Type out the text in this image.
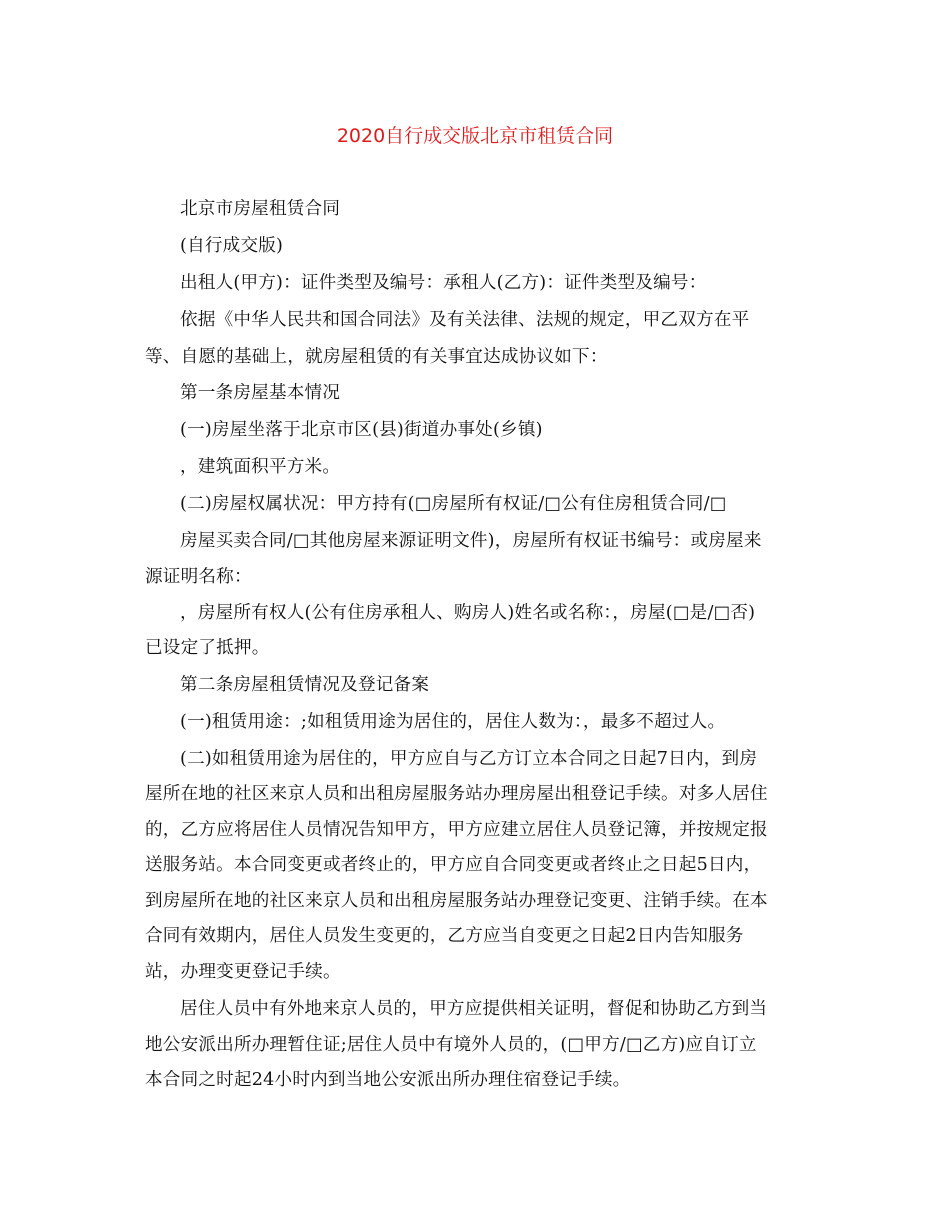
2020自行成交版北京市租赁合同
北京市房屋租赁合同
(自行成交版)
出租人(甲方)：证件类型及编号：承租人(乙方)：证件类型及编号：
依据《中华人民共和国合同法》及有关法律、法规的规定，甲乙双方在平
等、自愿的基础上，就房屋租赁的有关事宜达成协议如下：
第一条房屋基本情况
(一)房屋坐落于北京市区(县)街道办事处(乡镇)
，建筑面积平方米。
(二)房屋权属状况：甲方持有(□房屋所有权证/□公有住房租赁合同/□
房屋买卖合同/□其他房屋来源证明文件)，房屋所有权证书编号：或房屋来
源证明名称：
，房屋所有权人(公有住房承租人、购房人)姓名或名称：，房屋(□是/□否)
已设定了抵押。
第二条房屋租赁情况及登记备案
(一)租赁用途：;如租赁用途为居住的，居住人数为：，最多不超过人。
(二)如租赁用途为居住的，甲方应自与乙方订立本合同之日起7日内，到房
屋所在地的社区来京人员和出租房屋服务站办理房屋出租登记手续。对多人居住
的，乙方应将居住人员情况告知甲方，甲方应建立居住人员登记簿，并按规定报
送服务站。本合同变更或者终止的，甲方应自合同变更或者终止之日起5日内，
到房屋所在地的社区来京人员和出租房屋服务站办理登记变更、注销手续。在本
合同有效期内，居住人员发生变更的，乙方应当自变更之日起2日内告知服务
站，办理变更登记手续。
居住人员中有外地来京人员的，甲方应提供相关证明，督促和协助乙方到当
地公安派出所办理暂住证;居住人员中有境外人员的，(□甲方/□乙方)应自订立
本合同之时起24小时内到当地公安派出所办理住宿登记手续。
